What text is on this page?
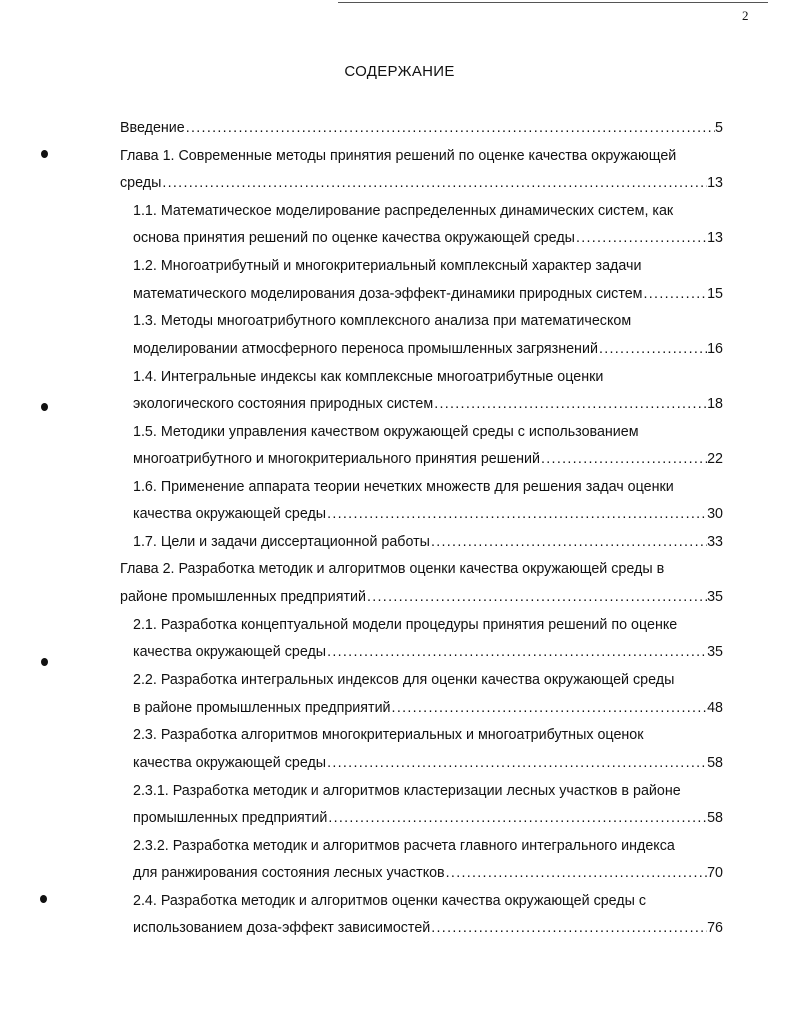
2
СОДЕРЖАНИЕ
Введение .....	5
Глава 1. Современные методы принятия решений по оценке качества окружающей
среды .....	13
1.1. Математическое моделирование распределенных динамических систем, как
основа принятия решений по оценке качества окружающей среды .....	13
1.2. Многоатрибутный и многокритериальный комплексный характер задачи
математического моделирования доза-эффект-динамики природных систем .....	15
1.3. Методы многоатрибутного комплексного анализа при математическом
моделировании атмосферного переноса промышленных загрязнений .....	16
1.4. Интегральные индексы как комплексные многоатрибутные оценки
экологического состояния природных систем .....	18
1.5. Методики управления качеством окружающей среды с использованием
многоатрибутного и многокритериального принятия решений .....	22
1.6. Применение аппарата теории нечетких множеств для решения задач оценки
качества окружающей среды .....	30
1.7. Цели и задачи диссертационной работы .....	33
Глава 2. Разработка методик и алгоритмов оценки качества окружающей среды в
районе промышленных предприятий .....	35
2.1. Разработка концептуальной модели процедуры принятия решений по оценке
качества окружающей среды .....	35
2.2. Разработка интегральных индексов для оценки качества окружающей среды
в районе промышленных предприятий .....	48
2.3. Разработка алгоритмов многокритериальных и многоатрибутных оценок
качества окружающей среды .....	58
2.3.1. Разработка методик и алгоритмов кластеризации лесных участков в районе
промышленных предприятий .....	58
2.3.2. Разработка методик и алгоритмов расчета главного интегрального индекса
для ранжирования состояния лесных участков .....	70
2.4. Разработка методик и алгоритмов оценки качества окружающей среды с
использованием доза-эффект зависимостей .....	76
